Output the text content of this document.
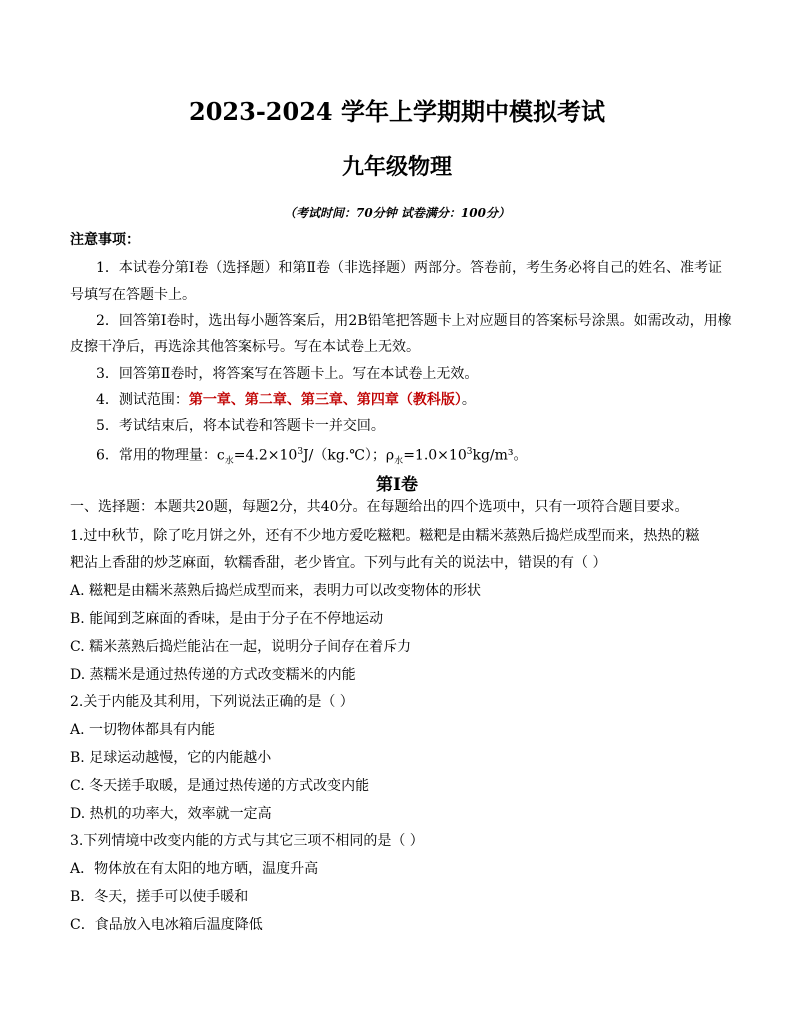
2023-2024 学年上学期期中模拟考试
九年级物理
（考试时间：70分钟 试卷满分：100分）
注意事项：
1．本试卷分第Ⅰ卷（选择题）和第Ⅱ卷（非选择题）两部分。答卷前，考生务必将自己的姓名、准考证
号填写在答题卡上。
2．回答第Ⅰ卷时，选出每小题答案后，用2B铅笔把答题卡上对应题目的答案标号涂黑。如需改动，用橡
皮擦干净后，再选涂其他答案标号。写在本试卷上无效。
3．回答第Ⅱ卷时，将答案写在答题卡上。写在本试卷上无效。
4．测试范围：第一章、第二章、第三章、第四章（教科版）。
5．考试结束后，将本试卷和答题卡一并交回。
6．常用的物理量：$c_水=4.2\times 10^3J/(kg.℃)$；$\rho_水=1.0\times 10^3kg/m^3$。
第Ⅰ卷
一、选择题：本题共20题，每题2分，共40分。在每题给出的四个选项中，只有一项符合题目要求。
1.过中秋节，除了吃月饼之外，还有不少地方爱吃糍粑。糍粑是由糯米蒸熟后捣烂成型而来，热热的糍
粑沾上香甜的炒芝麻面，软糯香甜，老少皆宜。下列与此有关的说法中，错误的有（ ）
A. 糍粑是由糯米蒸熟后捣烂成型而来，表明力可以改变物体的形状
B. 能闻到芝麻面的香味，是由于分子在不停地运动
C. 糯米蒸熟后捣烂能沾在一起，说明分子间存在着斥力
D. 蒸糯米是通过热传递的方式改变糯米的内能
2.关于内能及其利用，下列说法正确的是（ ）
A. 一切物体都具有内能
B. 足球运动越慢，它的内能越小
C. 冬天搓手取暖，是通过热传递的方式改变内能
D. 热机的功率大，效率就一定高
3.下列情境中改变内能的方式与其它三项不相同的是（ ）
A．物体放在有太阳的地方晒，温度升高
B．冬天，搓手可以使手暖和
C．食品放入电冰箱后温度降低
